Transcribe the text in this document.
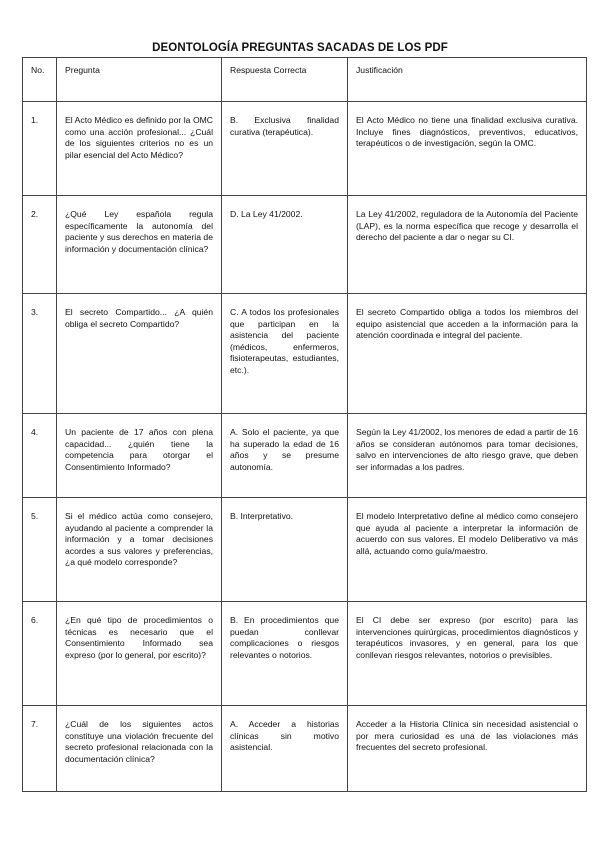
DEONTOLOGÍA PREGUNTAS SACADAS DE LOS PDF
No.	Pregunta	Respuesta Correcta	Justificación
1.	El Acto Médico es definido por la OMC como una acción profesional... ¿Cuál de los siguientes criterios no es un pilar esencial del Acto Médico?	B. Exclusiva finalidad curativa (terapéutica).	El Acto Médico no tiene una finalidad exclusiva curativa. Incluye fines diagnósticos, preventivos, educativos, terapéuticos o de investigación, según la OMC.
2.	¿Qué Ley española regula específicamente la autonomía del paciente y sus derechos en materia de información y documentación clínica?	D. La Ley 41/2002.	La Ley 41/2002, reguladora de la Autonomía del Paciente (LAP), es la norma específica que recoge y desarrolla el derecho del paciente a dar o negar su CI.
3.	El secreto Compartido... ¿A quién obliga el secreto Compartido?	C. A todos los profesionales que participan en la asistencia del paciente (médicos, enfermeros, fisioterapeutas, estudiantes, etc.).	El secreto Compartido obliga a todos los miembros del equipo asistencial que acceden a la información para la atención coordinada e integral del paciente.
4.	Un paciente de 17 años con plena capacidad... ¿quién tiene la competencia para otorgar el Consentimiento Informado?	A. Solo el paciente, ya que ha superado la edad de 16 años y se presume autonomía.	Según la Ley 41/2002, los menores de edad a partir de 16 años se consideran autónomos para tomar decisiones, salvo en intervenciones de alto riesgo grave, que deben ser informadas a los padres.
5.	Si el médico actúa como consejero, ayudando al paciente a comprender la información y a tomar decisiones acordes a sus valores y preferencias, ¿a qué modelo corresponde?	B. Interpretativo.	El modelo Interpretativo define al médico como consejero que ayuda al paciente a interpretar la información de acuerdo con sus valores. El modelo Deliberativo va más allá, actuando como guía/maestro.
6.	¿En qué tipo de procedimientos o técnicas es necesario que el Consentimiento Informado sea expreso (por lo general, por escrito)?	B. En procedimientos que puedan conllevar complicaciones o riesgos relevantes o notorios.	El CI debe ser expreso (por escrito) para las intervenciones quirúrgicas, procedimientos diagnósticos y terapéuticos invasores, y en general, para los que conllevan riesgos relevantes, notorios o previsibles.
7.	¿Cuál de los siguientes actos constituye una violación frecuente del secreto profesional relacionada con la documentación clínica?	A. Acceder a historias clínicas sin motivo asistencial.	Acceder a la Historia Clínica sin necesidad asistencial o por mera curiosidad es una de las violaciones más frecuentes del secreto profesional.
